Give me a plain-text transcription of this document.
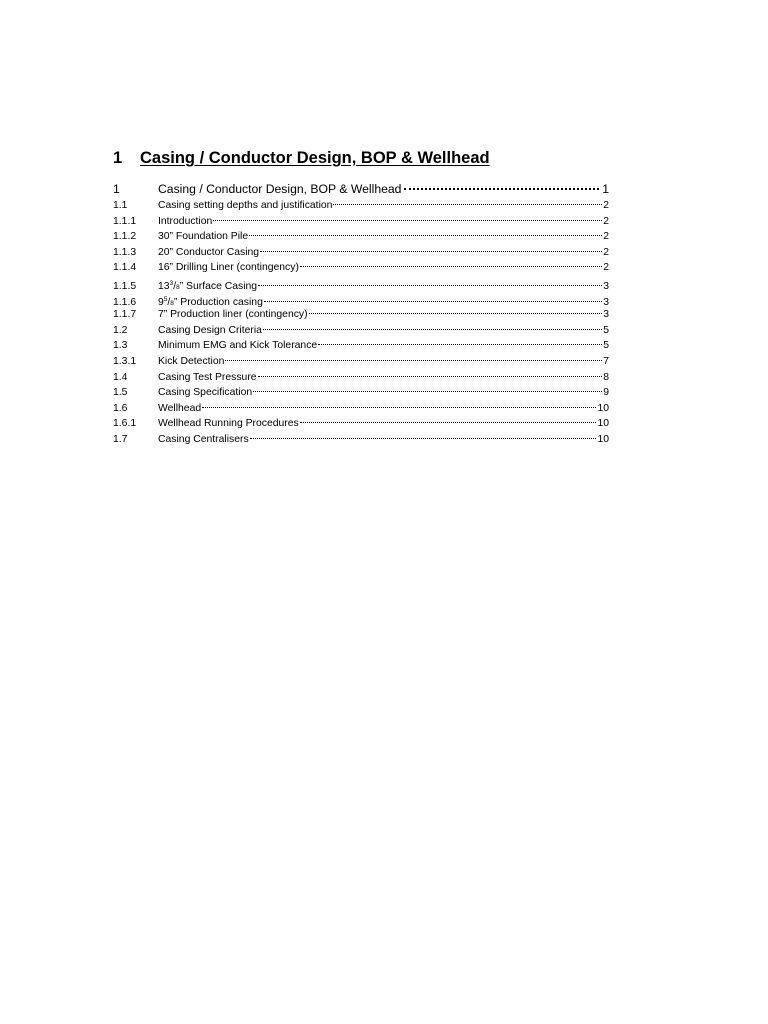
1	Casing / Conductor Design, BOP & Wellhead
1	Casing / Conductor Design, BOP & Wellhead	1
1.1	Casing setting depths and justification	2
1.1.1	Introduction	2
1.1.2	30” Foundation Pile	2
1.1.3	20” Conductor Casing	2
1.1.4	16” Drilling Liner (contingency)	2
1.1.5	$13^3/8$” Surface Casing	3
1.1.6	$9^5/8$” Production casing	3
1.1.7	7” Production liner (contingency)	3
1.2	Casing Design Criteria	5
1.3	Minimum EMG and Kick Tolerance	5
1.3.1	Kick Detection	7
1.4	Casing Test Pressure	8
1.5	Casing Specification	9
1.6	Wellhead	10
1.6.1	Wellhead Running Procedures	10
1.7	Casing Centralisers	10
